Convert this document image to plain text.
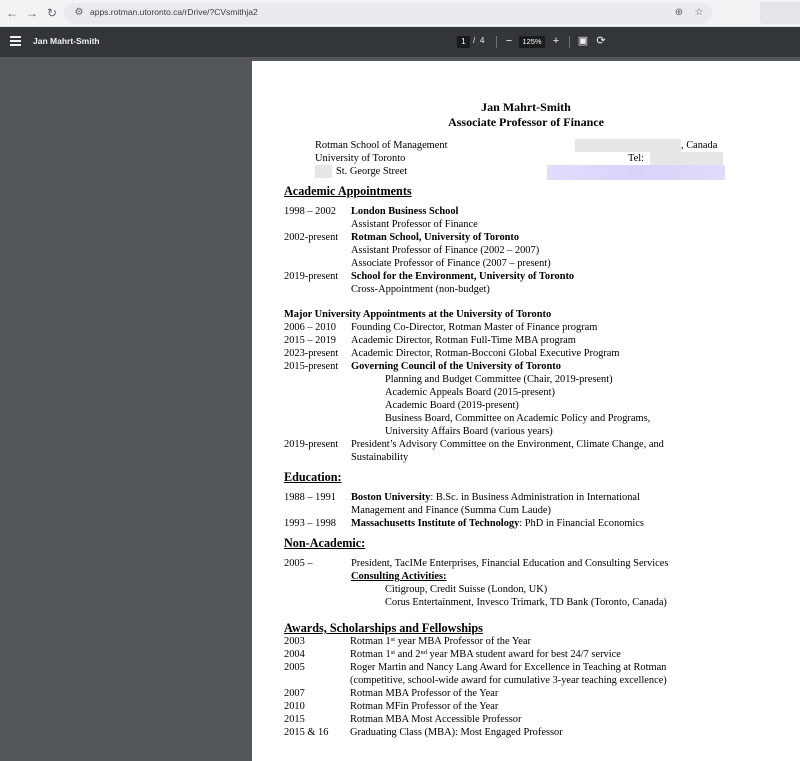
← → ↻ ⚙ apps.rotman.utoronto.ca/rDrive/?CVsmithja2	⊕ ☆
Jan Mahrt-Smith	1 / 4	−	125%	+	▣ ⟳
Jan Mahrt-Smith
Associate Professor of Finance
Rotman School of Management	, Canada
University of Toronto	Tel:
St. George Street
Academic Appointments
1998 – 2002 London Business School
Assistant Professor of Finance
2002-present Rotman School, University of Toronto
Assistant Professor of Finance (2002 – 2007)
Associate Professor of Finance (2007 – present)
2019-present School for the Environment, University of Toronto
Cross-Appointment (non-budget)
Major University Appointments at the University of Toronto
2006 – 2010 Founding Co-Director, Rotman Master of Finance program
2015 – 2019 Academic Director, Rotman Full-Time MBA program
2023-present Academic Director, Rotman-Bocconi Global Executive Program
2015-present Governing Council of the University of Toronto
Planning and Budget Committee (Chair, 2019-present)
Academic Appeals Board (2015-present)
Academic Board (2019-present)
Business Board, Committee on Academic Policy and Programs,
University Affairs Board (various years)
2019-present President’s Advisory Committee on the Environment, Climate Change, and
Sustainability
Education:
1988 – 1991 Boston University: B.Sc. in Business Administration in International
Management and Finance (Summa Cum Laude)
1993 – 1998 Massachusetts Institute of Technology: PhD in Financial Economics
Non-Academic:
2005 –	President, TacIMe Enterprises, Financial Education and Consulting Services
Consulting Activities:
Citigroup, Credit Suisse (London, UK)
Corus Entertainment, Invesco Trimark, TD Bank (Toronto, Canada)
Awards, Scholarships and Fellowships
2003	Rotman 1st year MBA Professor of the Year
2004	Rotman 1st and 2nd year MBA student award for best 24/7 service
2005	Roger Martin and Nancy Lang Award for Excellence in Teaching at Rotman
(competitive, school-wide award for cumulative 3-year teaching excellence)
2007	Rotman MBA Professor of the Year
2010	Rotman MFin Professor of the Year
2015	Rotman MBA Most Accessible Professor
2015 & 16 Graduating Class (MBA): Most Engaged Professor
